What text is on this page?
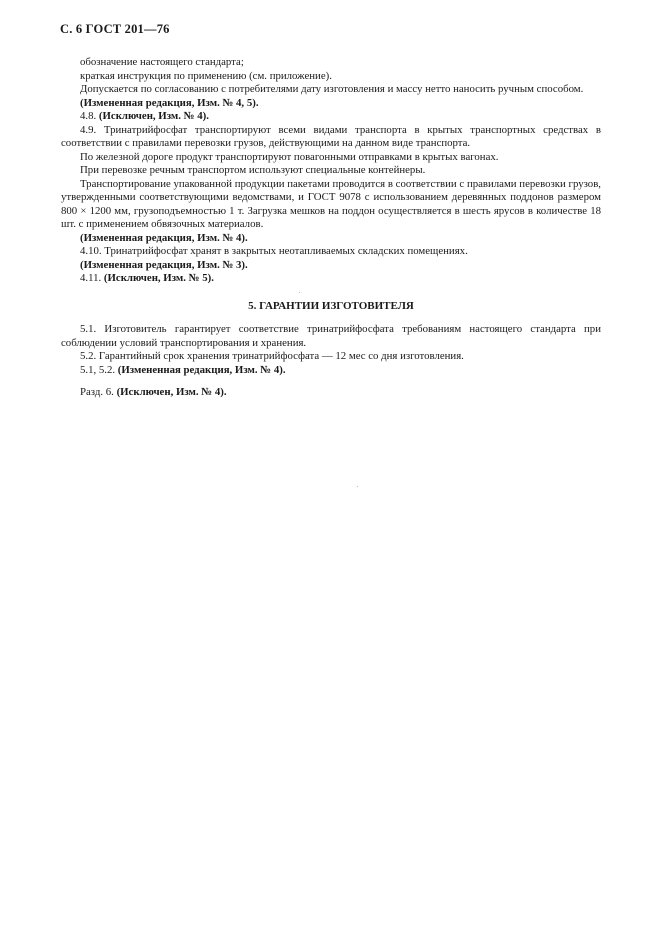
С. 6 ГОСТ 201—76

обозначение настоящего стандарта;

краткая инструкция по применению (см. приложение).

Допускается по согласованию с потребителями дату изготовления и массу нетто наносить ручным способом.

(Измененная редакция, Изм. № 4, 5).

4.8. (Исключен, Изм. № 4).

4.9. Тринатрийфосфат транспортируют всеми видами транспорта в крытых транспортных средствах в соответствии с правилами перевозки грузов, действующими на данном виде транспорта.

По железной дороге продукт транспортируют повагонными отправками в крытых вагонах.

При перевозке речным транспортом используют специальные контейнеры.

Транспортирование упакованной продукции пакетами проводится в соответствии с правилами перевозки грузов, утвержденными соответствующими ведомствами, и ГОСТ 9078 с использованием деревянных поддонов размером 800 × 1200 мм, грузоподъемностью 1 т. Загрузка мешков на поддон осуществляется в шесть ярусов в количестве 18 шт. с применением обвязочных материалов.

(Измененная редакция, Изм. № 4).

4.10. Тринатрийфосфат хранят в закрытых неотапливаемых складских помещениях.

(Измененная редакция, Изм. № 3).

4.11. (Исключен, Изм. № 5).

5. ГАРАНТИИ ИЗГОТОВИТЕЛЯ

5.1. Изготовитель гарантирует соответствие тринатрийфосфата требованиям настоящего стандарта при соблюдении условий транспортирования и хранения.

5.2. Гарантийный срок хранения тринатрийфосфата — 12 мес со дня изготовления.

5.1, 5.2. (Измененная редакция, Изм. № 4).

Разд. 6. (Исключен, Изм. № 4).
